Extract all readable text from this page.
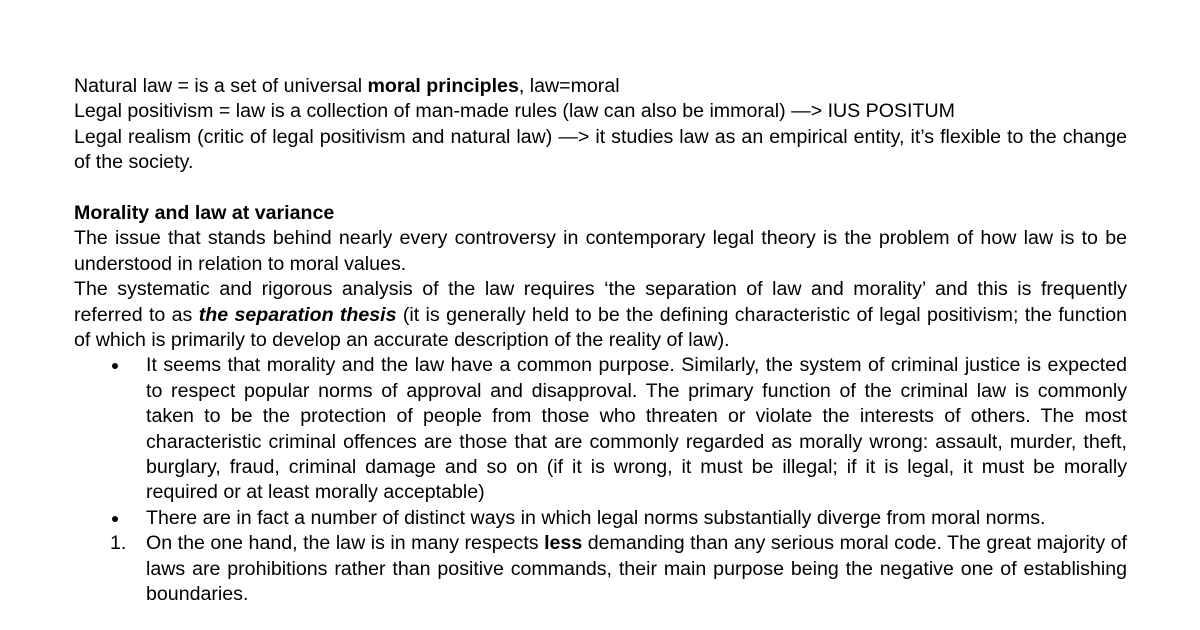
Natural law = is a set of universal moral principles, law=moral
Legal positivism = law is a collection of man-made rules (law can also be immoral) —> IUS POSITUM
Legal realism (critic of legal positivism and natural law) —> it studies law as an empirical entity, it’s flexible to the change of the society.
Morality and law at variance
The issue that stands behind nearly every controversy in contemporary legal theory is the problem of how law is to be understood in relation to moral values.
The systematic and rigorous analysis of the law requires ‘the separation of law and morality’ and this is frequently referred to as the separation thesis (it is generally held to be the defining characteristic of legal positivism; the function of which is primarily to develop an accurate description of the reality of law).
It seems that morality and the law have a common purpose. Similarly, the system of criminal justice is expected to respect popular norms of approval and disapproval. The primary function of the criminal law is commonly taken to be the protection of people from those who threaten or violate the interests of others. The most characteristic criminal offences are those that are commonly regarded as morally wrong: assault, murder, theft, burglary, fraud, criminal damage and so on (if it is wrong, it must be illegal; if it is legal, it must be morally required or at least morally acceptable)
There are in fact a number of distinct ways in which legal norms substantially diverge from moral norms.
1. On the one hand, the law is in many respects less demanding than any serious moral code. The great majority of laws are prohibitions rather than positive commands, their main purpose being the negative one of establishing boundaries.
